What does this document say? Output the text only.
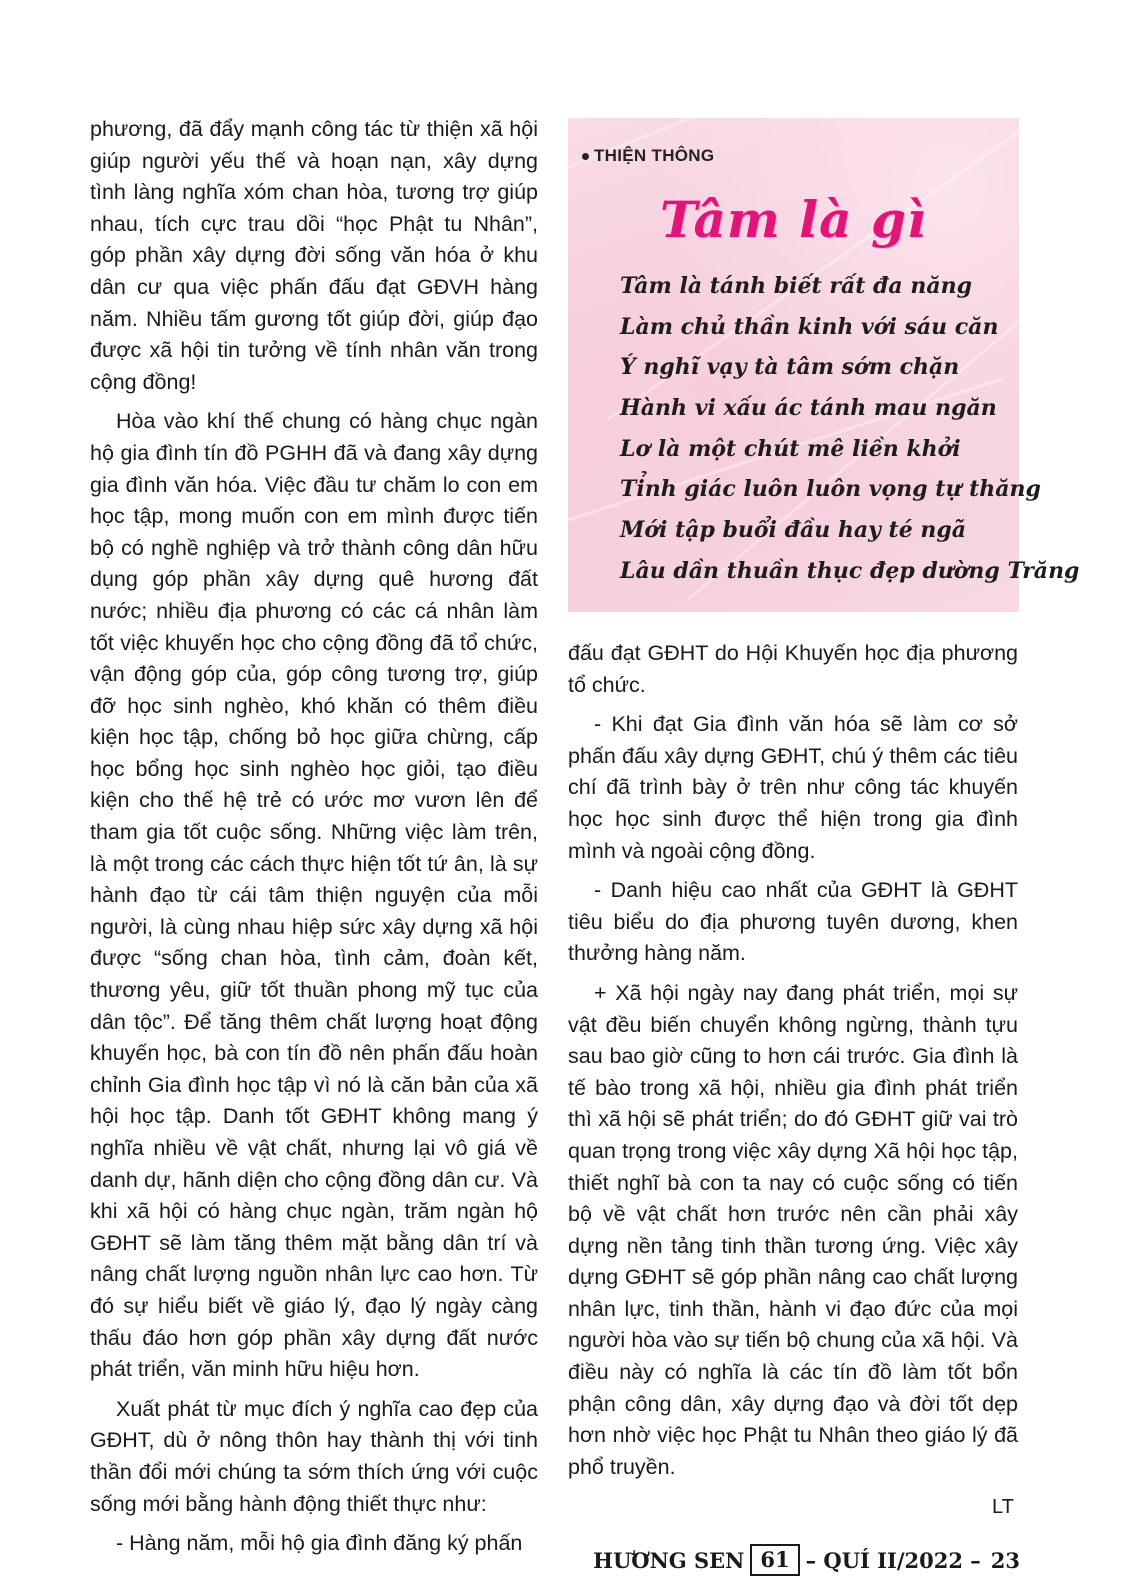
phương, đã đẩy mạnh công tác từ thiện xã hội giúp người yếu thế và hoạn nạn, xây dựng tình làng nghĩa xóm chan hòa, tương trợ giúp nhau, tích cực trau dồi “học Phật tu Nhân”, góp phần xây dựng đời sống văn hóa ở khu dân cư qua việc phấn đấu đạt GĐVH hàng năm. Nhiều tấm gương tốt giúp đời, giúp đạo được xã hội tin tưởng về tính nhân văn trong cộng đồng!

Hòa vào khí thế chung có hàng chục ngàn hộ gia đình tín đồ PGHH đã và đang xây dựng gia đình văn hóa. Việc đầu tư chăm lo con em học tập, mong muốn con em mình được tiến bộ có nghề nghiệp và trở thành công dân hữu dụng góp phần xây dựng quê hương đất nước; nhiều địa phương có các cá nhân làm tốt việc khuyến học cho cộng đồng đã tổ chức, vận động góp của, góp công tương trợ, giúp đỡ học sinh nghèo, khó khăn có thêm điều kiện học tập, chống bỏ học giữa chừng, cấp học bổng học sinh nghèo học giỏi, tạo điều kiện cho thế hệ trẻ có ước mơ vươn lên để tham gia tốt cuộc sống. Những việc làm trên, là một trong các cách thực hiện tốt tứ ân, là sự hành đạo từ cái tâm thiện nguyện của mỗi người, là cùng nhau hiệp sức xây dựng xã hội được “sống chan hòa, tình cảm, đoàn kết, thương yêu, giữ tốt thuần phong mỹ tục của dân tộc”. Để tăng thêm chất lượng hoạt động khuyến học, bà con tín đồ nên phấn đấu hoàn chỉnh Gia đình học tập vì nó là căn bản của xã hội học tập. Danh tốt GĐHT không mang ý nghĩa nhiều về vật chất, nhưng lại vô giá về danh dự, hãnh diện cho cộng đồng dân cư. Và khi xã hội có hàng chục ngàn, trăm ngàn hộ GĐHT sẽ làm tăng thêm mặt bằng dân trí và nâng chất lượng nguồn nhân lực cao hơn. Từ đó sự hiểu biết về giáo lý, đạo lý ngày càng thấu đáo hơn góp phần xây dựng đất nước phát triển, văn minh hữu hiệu hơn.

Xuất phát từ mục đích ý nghĩa cao đẹp của GĐHT, dù ở nông thôn hay thành thị với tinh thần đổi mới chúng ta sớm thích ứng với cuộc sống mới bằng hành động thiết thực như:

- Hàng năm, mỗi hộ gia đình đăng ký phấn

THIỆN THÔNG
Tâm là gì
Tâm là tánh biết rất đa năng
Làm chủ thần kinh với sáu căn
Ý nghĩ vạy tà tâm sớm chặn
Hành vi xấu ác tánh mau ngăn
Lơ là một chút mê liền khởi
Tỉnh giác luôn luôn vọng tự thăng
Mới tập buổi đầu hay té ngã
Lâu dần thuần thục đẹp dường Trăng

đấu đạt GĐHT do Hội Khuyến học địa phương tổ chức.

- Khi đạt Gia đình văn hóa sẽ làm cơ sở phấn đấu xây dựng GĐHT, chú ý thêm các tiêu chí đã trình bày ở trên như công tác khuyến học học sinh được thể hiện trong gia đình mình và ngoài cộng đồng.

- Danh hiệu cao nhất của GĐHT là GĐHT tiêu biểu do địa phương tuyên dương, khen thưởng hàng năm.

+ Xã hội ngày nay đang phát triển, mọi sự vật đều biến chuyển không ngừng, thành tựu sau bao giờ cũng to hơn cái trước. Gia đình là tế bào trong xã hội, nhiều gia đình phát triển thì xã hội sẽ phát triển; do đó GĐHT giữ vai trò quan trọng trong việc xây dựng Xã hội học tập, thiết nghĩ bà con ta nay có cuộc sống có tiến bộ về vật chất hơn trước nên cần phải xây dựng nền tảng tinh thần tương ứng. Việc xây dựng GĐHT sẽ góp phần nâng cao chất lượng nhân lực, tinh thần, hành vi đạo đức của mọi người hòa vào sự tiến bộ chung của xã hội. Và điều này có nghĩa là các tín đồ làm tốt bổn phận công dân, xây dựng đạo và đời tốt dẹp hơn nhờ việc học Phật tu Nhân theo giáo lý đã phổ truyền.

LT
HƯƠNG SEN 61 – QUÍ II/2022 – 23
